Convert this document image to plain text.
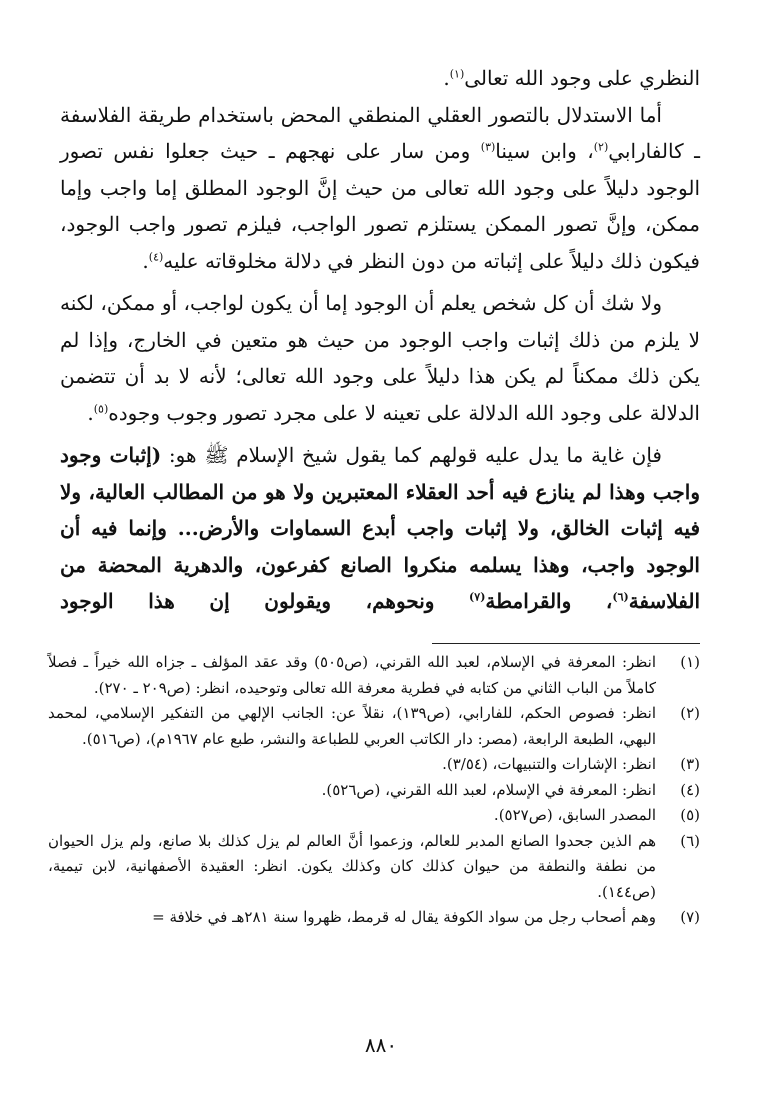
النظري على وجود الله تعالى$^{(١)}$.

أما الاستدلال بالتصور العقلي المنطقي المحض باستخدام طريقة الفلاسفة ـ كالفارابي$^{(٢)}$، وابن سينا$^{(٣)}$ ومن سار على نهجهم ـ حيث جعلوا نفس تصور الوجود دليلاً على وجود الله تعالى من حيث إنَّ الوجود المطلق إما واجب وإما ممكن، وإنَّ تصور الممكن يستلزم تصور الواجب، فيلزم تصور واجب الوجود، فيكون ذلك دليلاً على إثباته من دون النظر في دلالة مخلوقاته عليه$^{(٤)}$.

ولا شك أن كل شخص يعلم أن الوجود إما أن يكون لواجب، أو ممكن، لكنه لا يلزم من ذلك إثبات واجب الوجود من حيث هو متعين في الخارج، وإذا لم يكن ذلك ممكناً لم يكن هذا دليلاً على وجود الله تعالى؛ لأنه لا بد أن تتضمن الدلالة على وجود الله الدلالة على تعينه لا على مجرد تصور وجوب وجوده$^{(٥)}$.

فإن غاية ما يدل عليه قولهم كما يقول شيخ الإسلام ﷺ هو: (إثبات وجود واجب وهذا لم ينازع فيه أحد العقلاء المعتبرين ولا هو من المطالب العالية، ولا فيه إثبات الخالق، ولا إثبات واجب أبدع السماوات والأرض... وإنما فيه أن الوجود واجب، وهذا يسلمه منكروا الصانع كفرعون، والدهرية المحضة من الفلاسفة$^{(٦)}$، والقرامطة$^{(٧)}$ ونحوهم، ويقولون إن هذا الوجود

(١)
انظر: المعرفة في الإسلام، لعبد الله القرني، (ص٥٠٥) وقد عقد المؤلف ـ جزاه الله خيراً ـ فصلاً كاملاً من الباب الثاني من كتابه في فطرية معرفة الله تعالى وتوحيده، انظر: (ص٢٠٩ ـ ٢٧٠).
(٢)
انظر: فصوص الحكم، للفارابي، (ص١٣٩)، نقلاً عن: الجانب الإلهي من التفكير الإسلامي، لمحمد البهي، الطبعة الرابعة، (مصر: دار الكاتب العربي للطباعة والنشر، طبع عام ١٩٦٧م)، (ص٥١٦).
(٣)
انظر: الإشارات والتنبيهات، (٣/٥٤).
(٤)
انظر: المعرفة في الإسلام، لعبد الله القرني، (ص٥٢٦).
(٥)
المصدر السابق، (ص٥٢٧).
(٦)
هم الذين جحدوا الصانع المدبر للعالم، وزعموا أنَّ العالم لم يزل كذلك بلا صانع، ولم يزل الحيوان من نطفة والنطفة من حيوان كذلك كان وكذلك يكون. انظر: العقيدة الأصفهانية، لابن تيمية، (ص١٤٤).
(٧)
وهم أصحاب رجل من سواد الكوفة يقال له قرمط، ظهروا سنة ٢٨١هـ في خلافة =
٨٨٠
